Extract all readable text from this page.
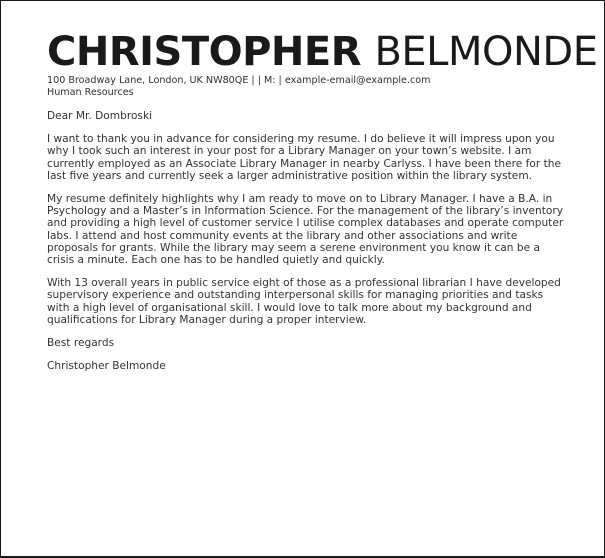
CHRISTOPHER BELMONDE
100 Broadway Lane, London, UK NW80QE | | M: | example-email@example.com
Human Resources
Dear Mr. Dombroski

I want to thank you in advance for considering my resume. I do believe it will impress upon you why I took such an interest in your post for a Library Manager on your town’s website. I am currently employed as an Associate Library Manager in nearby Carlyss. I have been there for the last five years and currently seek a larger administrative position within the library system.

My resume definitely highlights why I am ready to move on to Library Manager. I have a B.A. in Psychology and a Master’s in Information Science. For the management of the library’s inventory and providing a high level of customer service I utilise complex databases and operate computer labs. I attend and host community events at the library and other associations and write proposals for grants. While the library may seem a serene environment you know it can be a crisis a minute. Each one has to be handled quietly and quickly.

With 13 overall years in public service eight of those as a professional librarian I have developed supervisory experience and outstanding interpersonal skills for managing priorities and tasks with a high level of organisational skill. I would love to talk more about my background and qualifications for Library Manager during a proper interview.

Best regards
Christopher Belmonde
